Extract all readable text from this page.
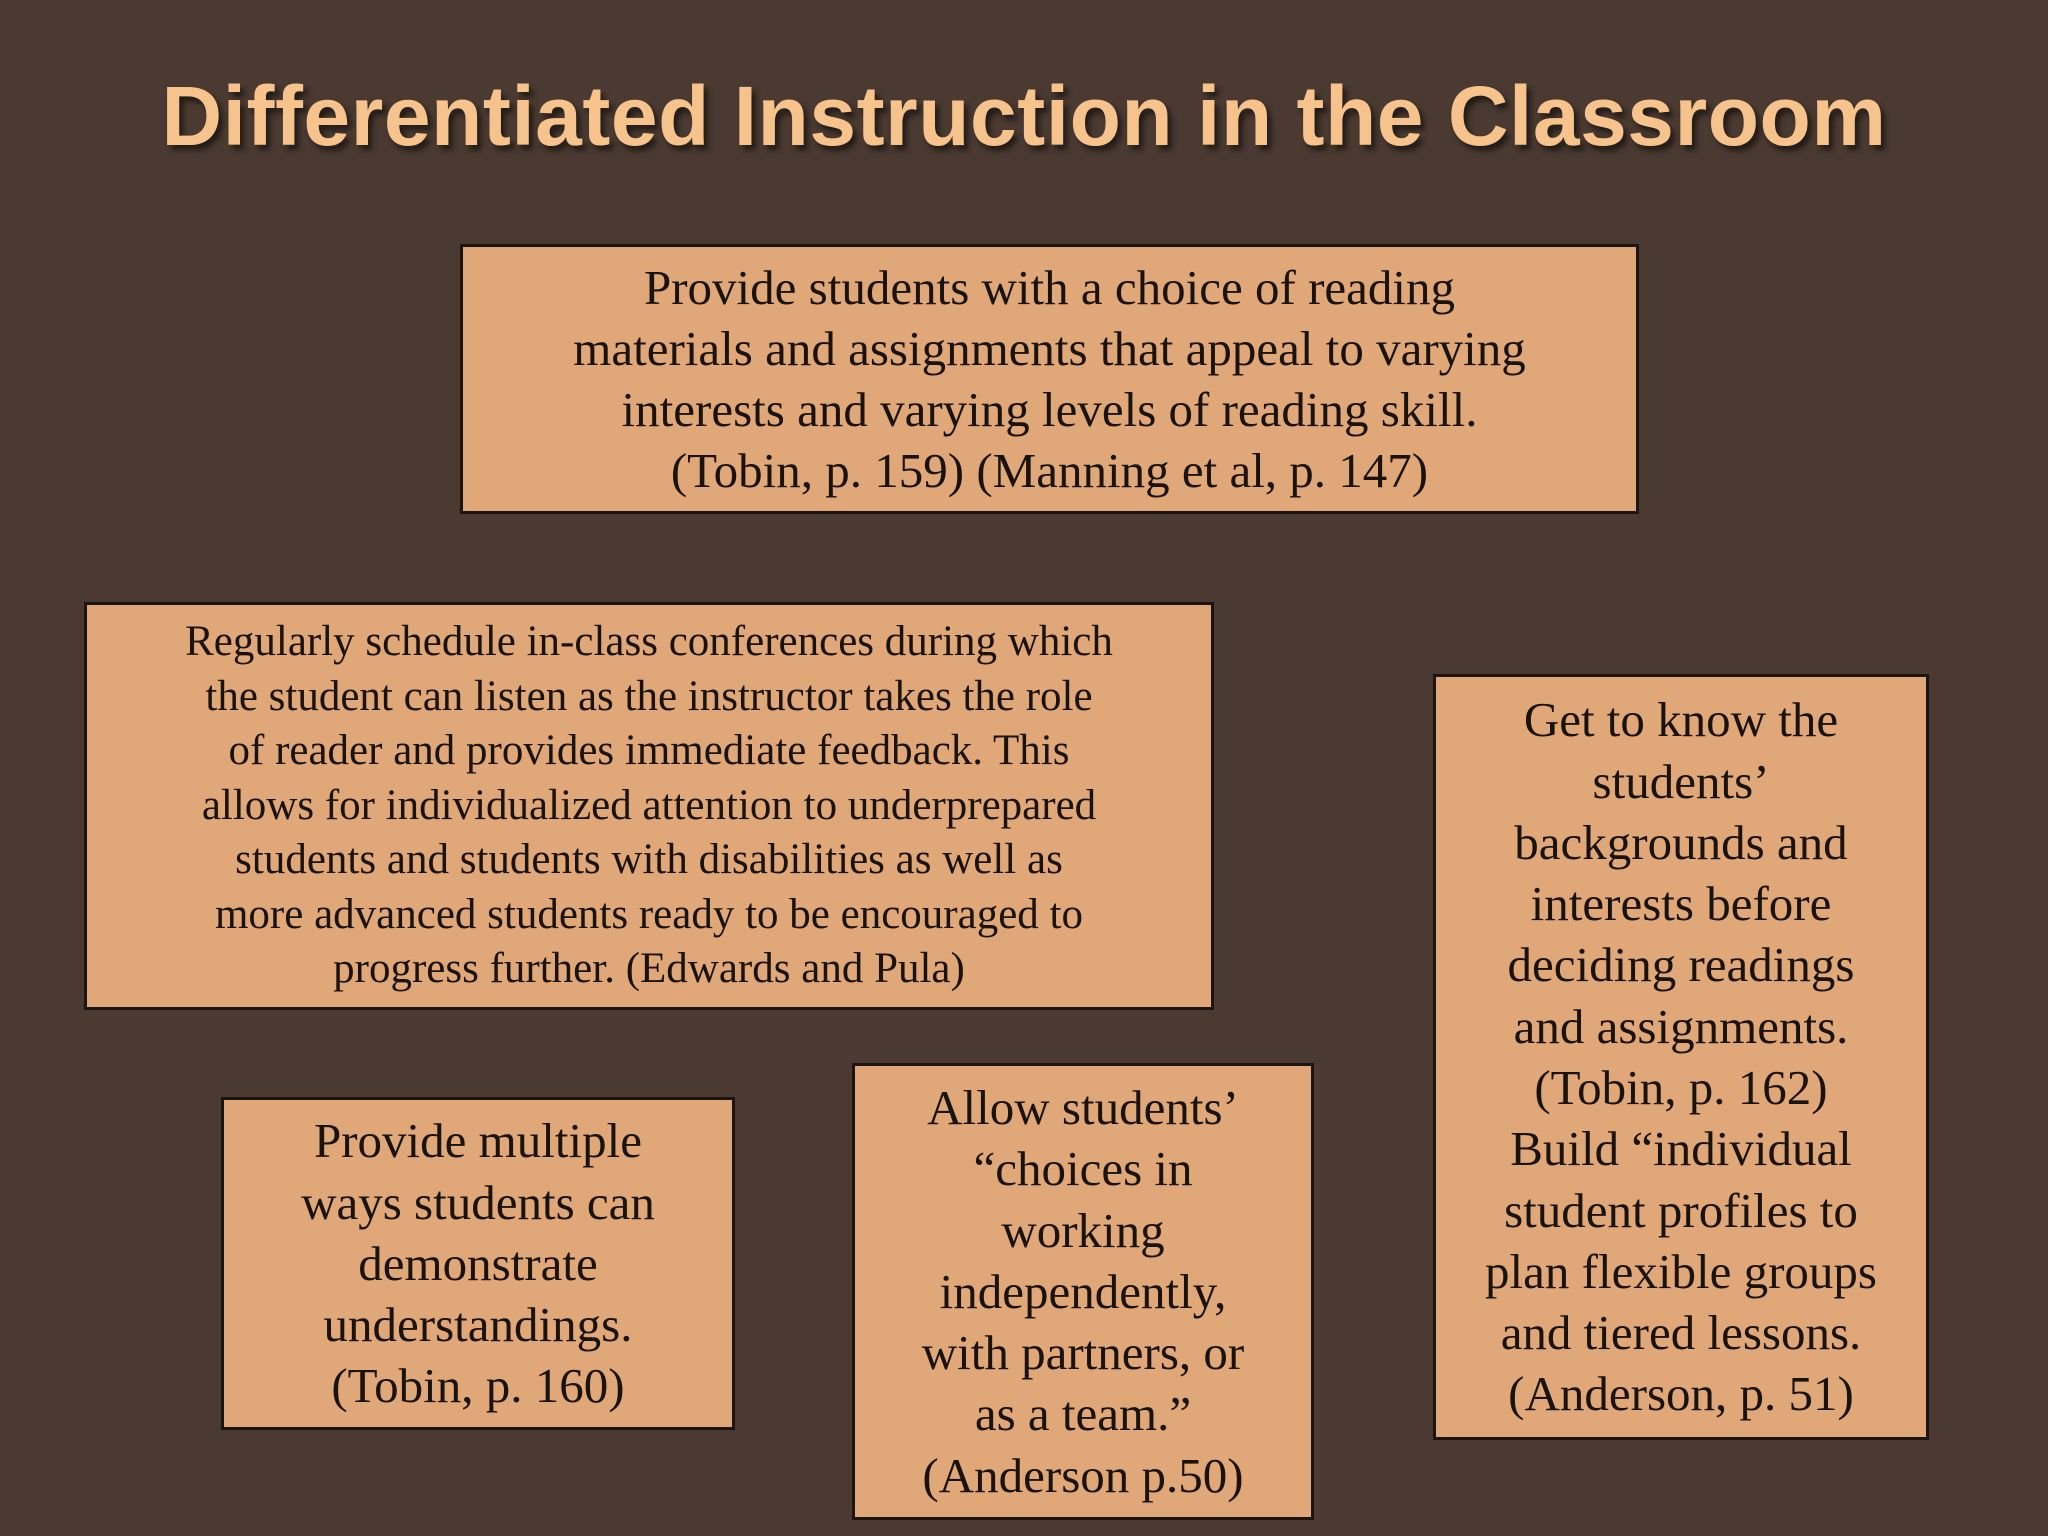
Differentiated Instruction in the Classroom

Provide students with a choice of reading
materials and assignments that appeal to varying
interests and varying levels of reading skill.
(Tobin, p. 159) (Manning et al, p. 147)

Regularly schedule in-class conferences during which
the student can listen as the instructor takes the role
of reader and provides immediate feedback. This
allows for individualized attention to underprepared
students and students with disabilities as well as
more advanced students ready to be encouraged to
progress further. (Edwards and Pula)

Get to know the
students’
backgrounds and
interests before
deciding readings
and assignments.
(Tobin, p. 162)
Build “individual
student profiles to
plan flexible groups
and tiered lessons.
(Anderson, p. 51)

Provide multiple
ways students can
demonstrate
understandings.
(Tobin, p. 160)

Allow students’
“choices in
working
independently,
with partners, or
as a team.”
(Anderson p.50)
